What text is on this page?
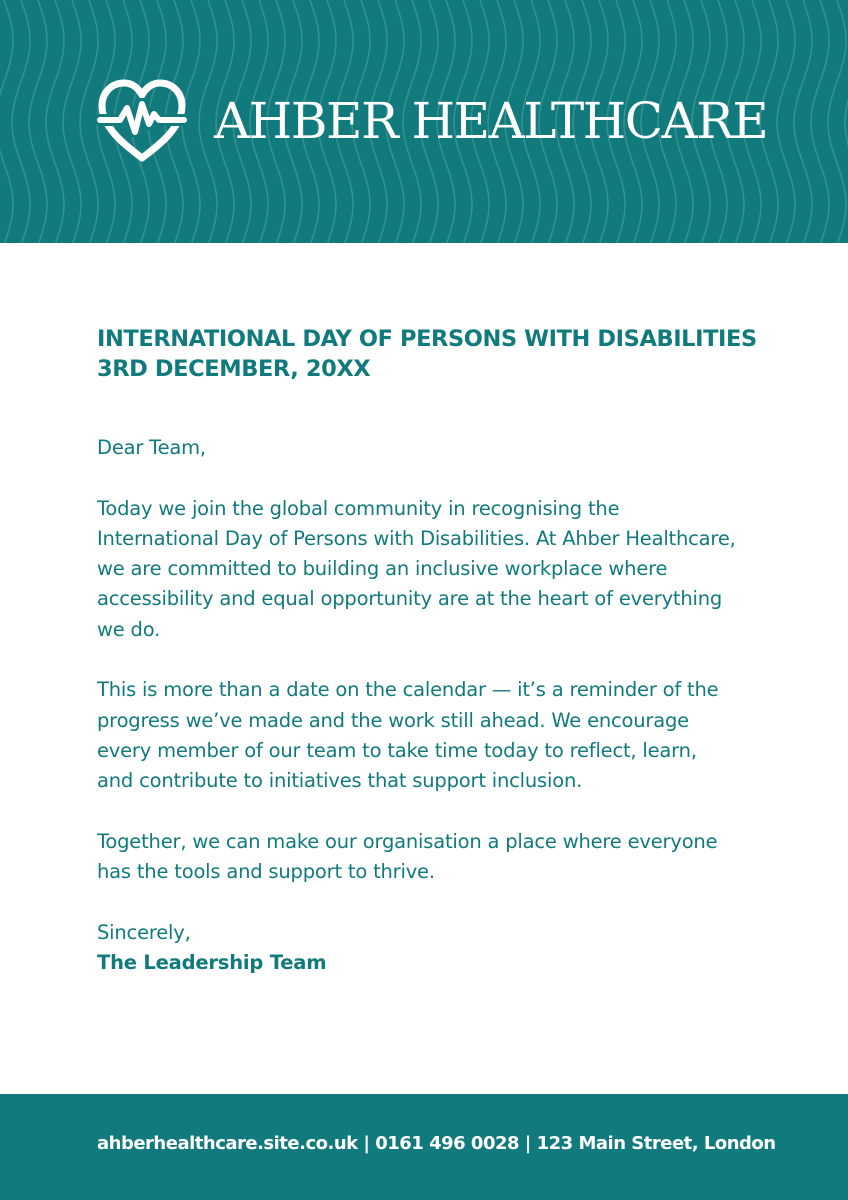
AHBER HEALTHCARE
INTERNATIONAL DAY OF PERSONS WITH DISABILITIES
3RD DECEMBER, 20XX

Dear Team,

Today we join the global community in recognising the International Day of Persons with Disabilities. At Ahber Healthcare, we are committed to building an inclusive workplace where accessibility and equal opportunity are at the heart of everything we do.

This is more than a date on the calendar — it’s a reminder of the progress we’ve made and the work still ahead. We encourage every member of our team to take time today to reflect, learn, and contribute to initiatives that support inclusion.

Together, we can make our organisation a place where everyone has the tools and support to thrive.

Sincerely,
The Leadership Team

ahberhealthcare.site.co.uk | 0161 496 0028 | 123 Main Street, London
